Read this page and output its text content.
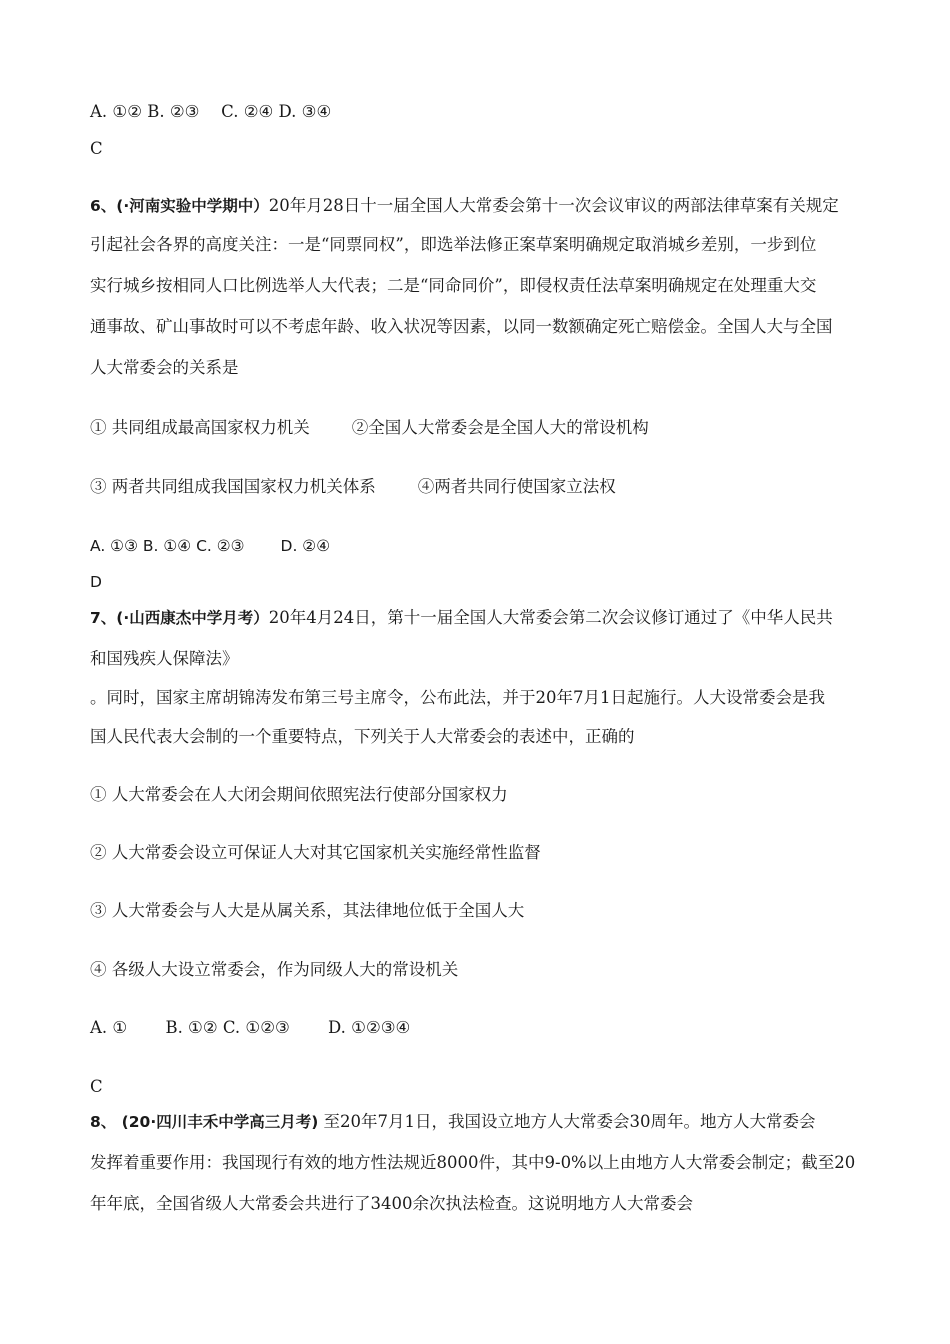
A. ①② B. ②③　 C. ②④ D. ③④
C
6、(·河南实验中学期中）20年月28日十一届全国人大常委会第十一次会议审议的两部法律草案有关规定
引起社会各界的高度关注：一是“同票同权”，即选举法修正案草案明确规定取消城乡差别，一步到位
实行城乡按相同人口比例选举人大代表；二是“同命同价”，即侵权责任法草案明确规定在处理重大交
通事故、矿山事故时可以不考虑年龄、收入状况等因素，以同一数额确定死亡赔偿金。全国人大与全国
人大常委会的关系是
① 共同组成最高国家权力机关	②全国人大常委会是全国人大的常设机构
③ 两者共同组成我国国家权力机关体系	④两者共同行使国家立法权
A. ①③ B. ①④ C. ②③　　 D. ②④
D
7、(·山西康杰中学月考）20年4月24日，第十一届全国人大常委会第二次会议修订通过了《中华人民共
和国残疾人保障法》
。同时，国家主席胡锦涛发布第三号主席令，公布此法，并于20年7月1日起施行。人大设常委会是我
国人民代表大会制的一个重要特点，下列关于人大常委会的表述中，正确的
① 人大常委会在人大闭会期间依照宪法行使部分国家权力
② 人大常委会设立可保证人大对其它国家机关实施经常性监督
③ 人大常委会与人大是从属关系，其法律地位低于全国人大
④ 各级人大设立常委会，作为同级人大的常设机关
A. ①　　 B. ①② C. ①②③　　 D. ①②③④
C
8、 (20·四川丰禾中学高三月考) 至20年7月1日，我国设立地方人大常委会30周年。地方人大常委会
发挥着重要作用：我国现行有效的地方性法规近8000件，其中9-0%以上由地方人大常委会制定；截至20
年年底，全国省级人大常委会共进行了3400余次执法检查。这说明地方人大常委会
